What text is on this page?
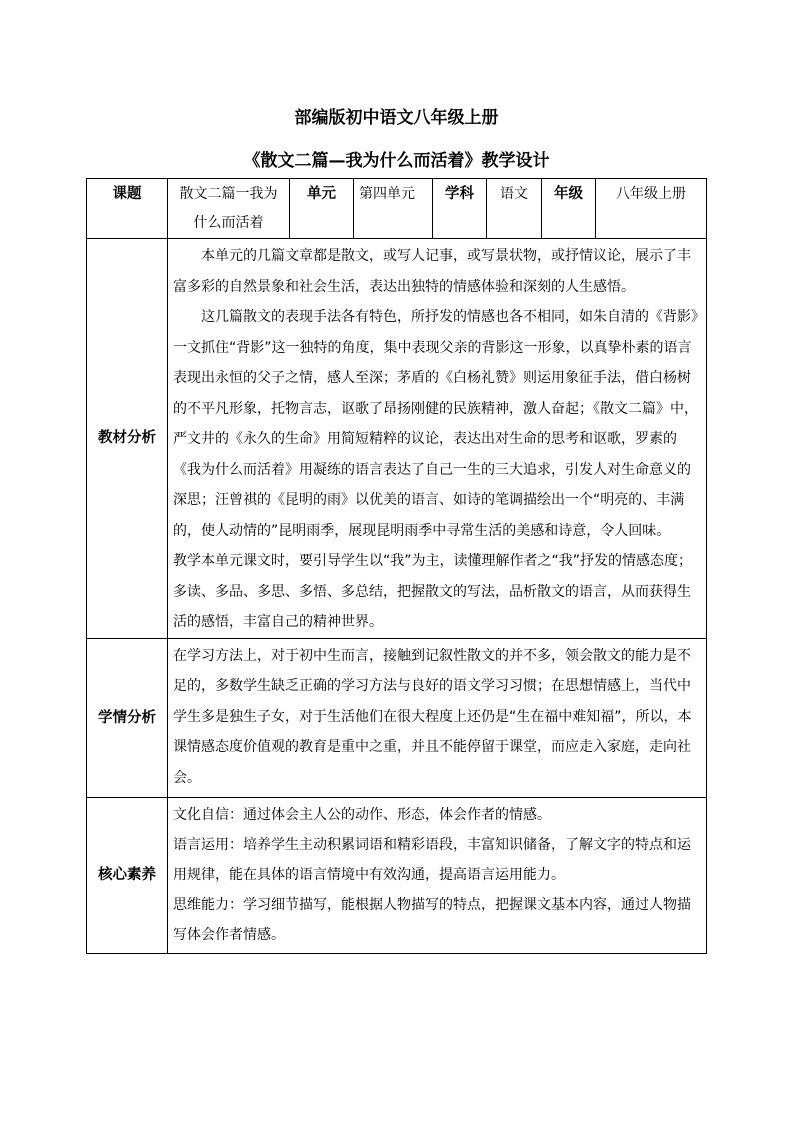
部编版初中语文八年级上册
《散文二篇—我为什么而活着》教学设计
课题	散文二篇一我为什么而活着	单元	第四单元	学科	语文	年级	八年级上册
教材分析	本单元的几篇文章都是散文，或写人记事，或写景状物，或抒情议论，展示了丰富多彩的自然景象和社会生活，表达出独特的情感体验和深刻的人生感悟。

这几篇散文的表现手法各有特色，所抒发的情感也各不相同，如朱自清的《背影》一文抓住“背影”这一独特的角度，集中表现父亲的背影这一形象，以真挚朴素的语言表现出永恒的父子之情，感人至深；茅盾的《白杨礼赞》则运用象征手法，借白杨树的不平凡形象，托物言志，讴歌了昂扬刚健的民族精神，激人奋起；《散文二篇》中，严文井的《永久的生命》用简短精粹的议论，表达出对生命的思考和讴歌，罗素的《我为什么而活着》用凝练的语言表达了自己一生的三大追求，引发人对生命意义的深思；汪曾祺的《昆明的雨》以优美的语言、如诗的笔调描绘出一个“明亮的、丰满的，使人动情的”昆明雨季，展现昆明雨季中寻常生活的美感和诗意，令人回味。

教学本单元课文时，要引导学生以“我”为主，读懂理解作者之“我”抒发的情感态度；多读、多品、多思、多悟、多总结，把握散文的写法，品析散文的语言，从而获得生活的感悟，丰富自己的精神世界。						

学情分析	在学习方法上，对于初中生而言，接触到记叙性散文的并不多，领会散文的能力是不足的，多数学生缺乏正确的学习方法与良好的语文学习习惯；在思想情感上，当代中学生多是独生子女，对于生活他们在很大程度上还仍是“生在福中难知福”，所以，本课情感态度价值观的教育是重中之重，并且不能停留于课堂，而应走入家庭，走向社会。						

核心素养	文化自信：通过体会主人公的动作、形态，体会作者的情感。

语言运用：培养学生主动积累词语和精彩语段，丰富知识储备，了解文字的特点和运用规律，能在具体的语言情境中有效沟通，提高语言运用能力。

思维能力：学习细节描写，能根据人物描写的特点，把握课文基本内容，通过人物描写体会作者情感。						
